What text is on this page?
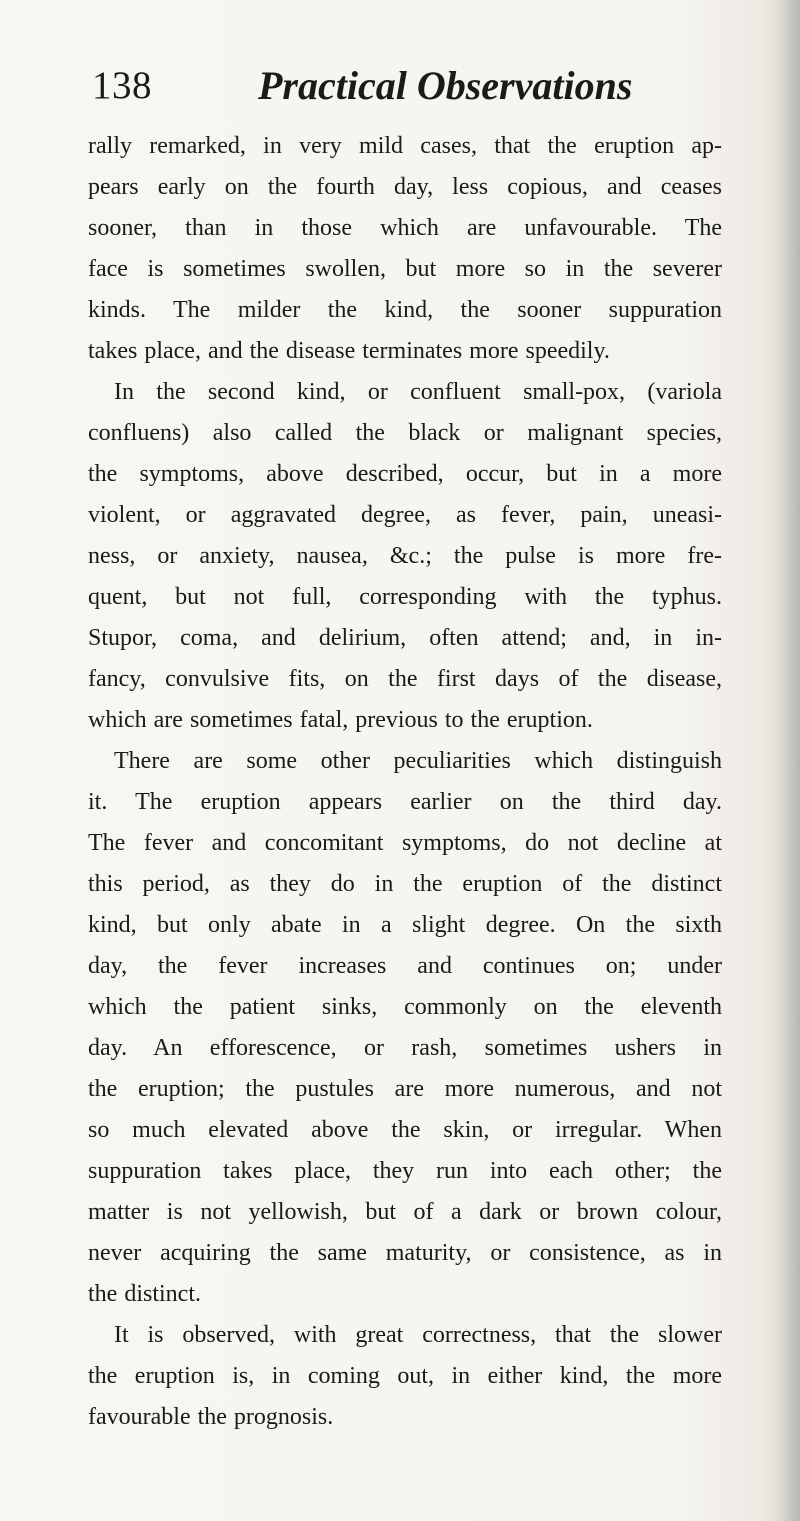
138	Practical Observations
rally remarked, in very mild cases, that the eruption ap-
pears early on the fourth day, less copious, and ceases
sooner, than in those which are unfavourable. The
face is sometimes swollen, but more so in the severer
kinds. The milder the kind, the sooner suppuration
takes place, and the disease terminates more speedily.
In the second kind, or confluent small-pox, (variola
confluens) also called the black or malignant species,
the symptoms, above described, occur, but in a more
violent, or aggravated degree, as fever, pain, uneasi-
ness, or anxiety, nausea, &c.; the pulse is more fre-
quent, but not full, corresponding with the typhus.
Stupor, coma, and delirium, often attend; and, in in-
fancy, convulsive fits, on the first days of the disease,
which are sometimes fatal, previous to the eruption.
There are some other peculiarities which distinguish
it. The eruption appears earlier on the third day.
The fever and concomitant symptoms, do not decline at
this period, as they do in the eruption of the distinct
kind, but only abate in a slight degree. On the sixth
day, the fever increases and continues on; under
which the patient sinks, commonly on the eleventh
day. An efforescence, or rash, sometimes ushers in
the eruption; the pustules are more numerous, and not
so much elevated above the skin, or irregular. When
suppuration takes place, they run into each other; the
matter is not yellowish, but of a dark or brown colour,
never acquiring the same maturity, or consistence, as in
the distinct.
It is observed, with great correctness, that the slower
the eruption is, in coming out, in either kind, the more
favourable the prognosis.
